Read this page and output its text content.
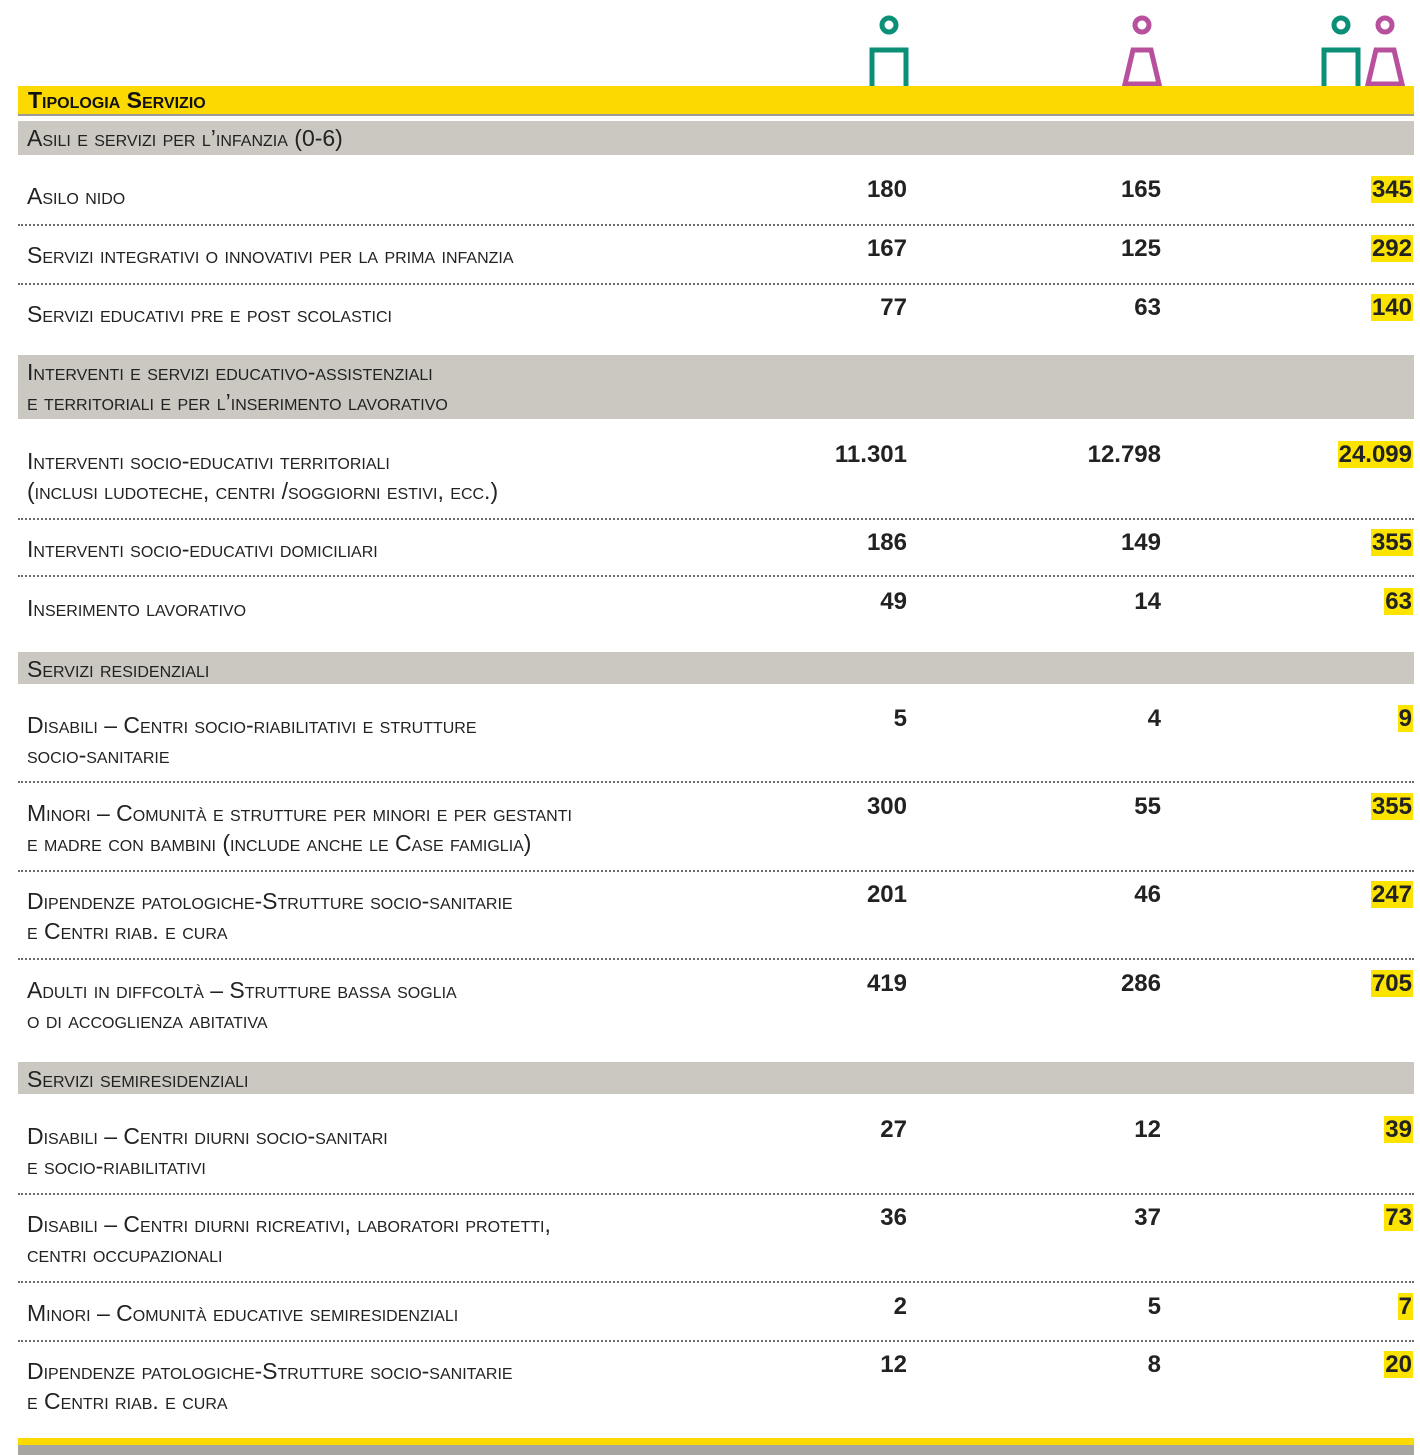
Tipologia Servizio
Asili e servizi per l’infanzia (0-6)
Asilo nido	180	165	345
Servizi integrativi o innovativi per la prima infanzia	167	125	292
Servizi educativi pre e post scolastici	77	63	140
Interventi e servizi educativo-assistenziali
e territoriali e per l’inserimento lavorativo
Interventi socio-educativi territoriali
(inclusi ludoteche, centri /soggiorni estivi, ecc.)
11.301	12.798	24.099
Interventi socio-educativi domiciliari	186	149	355
Inserimento lavorativo	49	14	63
Servizi residenziali
Disabili – Centri socio-riabilitativi e strutture
socio-sanitarie
5	4	9
Minori – Comunità e strutture per minori e per gestanti
e madre con bambini (include anche le Case famiglia)
300	55	355
Dipendenze patologiche-Strutture socio-sanitarie
e Centri riab. e cura
201	46	247
Adulti in diffcoltà – Strutture bassa soglia
o di accoglienza abitativa
419	286	705
Servizi semiresidenziali
Disabili – Centri diurni socio-sanitari
e socio-riabilitativi
27	12	39
Disabili – Centri diurni ricreativi, laboratori protetti,
centri occupazionali
36	37	73
Minori – Comunità educative semiresidenziali	2	5	7
Dipendenze patologiche-Strutture socio-sanitarie
e Centri riab. e cura
12	8	20
